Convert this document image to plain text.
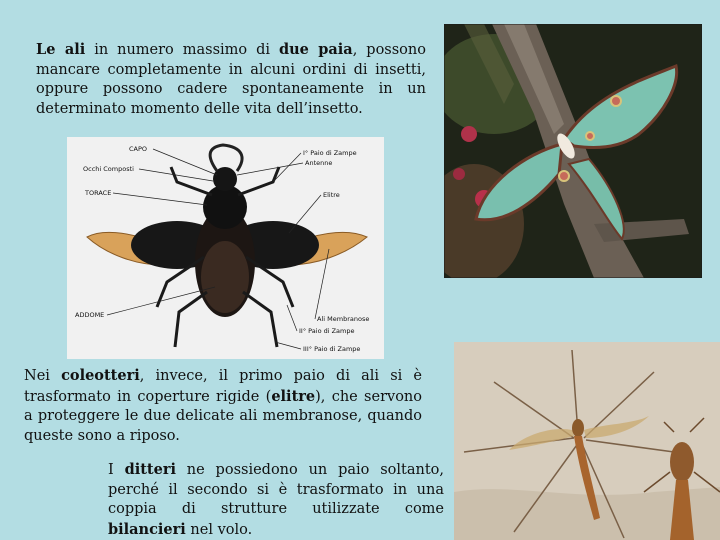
Le ali in numero massimo di due paia, possono mancare completamente in alcuni ordini di insetti, oppure possono cadere spontaneamente in un determinato momento delle vita dell’insetto.

CAPO
Occhi Composti
TORACE
ADDOME
I° Paio di Zampe
Antenne
Elitre
Ali Membranose
II° Paio di Zampe
III° Paio di Zampe

Nei coleotteri, invece, il primo paio di ali si è trasformato in coperture rigide (elitre), che servono a proteggere le due delicate ali membranose, quando queste sono a riposo.

I ditteri ne possiedono un paio soltanto, perché il secondo si è trasformato in una coppia di strutture utilizzate come bilancieri nel volo.
